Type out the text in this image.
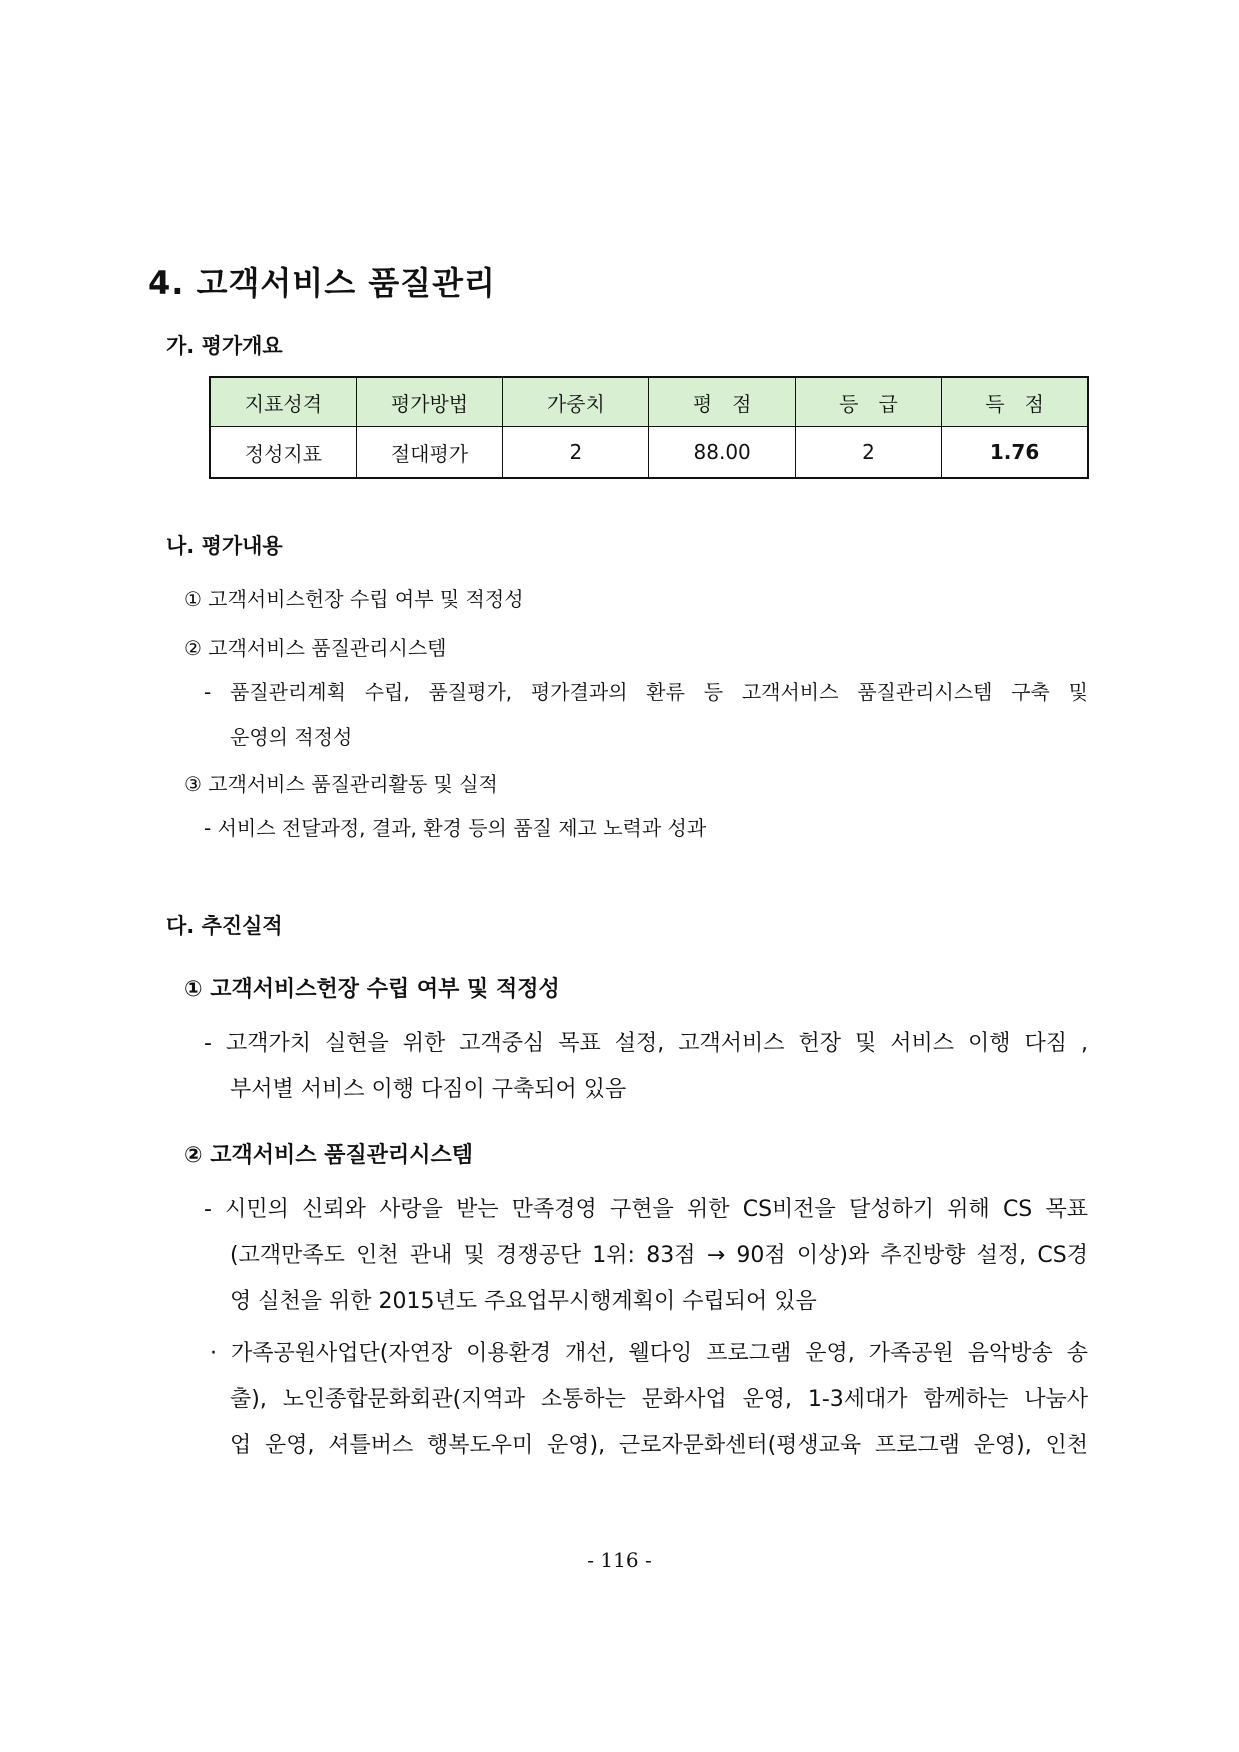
4. 고객서비스 품질관리
가. 평가개요
지표성격	평가방법	가중치	평　점	등　급	득　점
정성지표	절대평가	2	88.00	2	1.76
나. 평가내용
① 고객서비스헌장 수립 여부 및 적정성
② 고객서비스 품질관리시스템
- 품질관리계획 수립, 품질평가, 평가결과의 환류 등 고객서비스 품질관리시스템 구축 및
운영의 적정성
③ 고객서비스 품질관리활동 및 실적
- 서비스 전달과정, 결과, 환경 등의 품질 제고 노력과 성과
다. 추진실적
① 고객서비스헌장 수립 여부 및 적정성
- 고객가치 실현을 위한 고객중심 목표 설정, 고객서비스 헌장 및 서비스 이행 다짐 ,
부서별 서비스 이행 다짐이 구축되어 있음
② 고객서비스 품질관리시스템
- 시민의 신뢰와 사랑을 받는 만족경영 구현을 위한 CS비전을 달성하기 위해 CS 목표
(고객만족도 인천 관내 및 경쟁공단 1위: 83점 → 90점 이상)와 추진방향 설정, CS경
영 실천을 위한 2015년도 주요업무시행계획이 수립되어 있음
· 가족공원사업단(자연장 이용환경 개선, 웰다잉 프로그램 운영, 가족공원 음악방송 송
출), 노인종합문화회관(지역과 소통하는 문화사업 운영, 1-3세대가 함께하는 나눔사
업 운영, 셔틀버스 행복도우미 운영), 근로자문화센터(평생교육 프로그램 운영), 인천
- 116 -
